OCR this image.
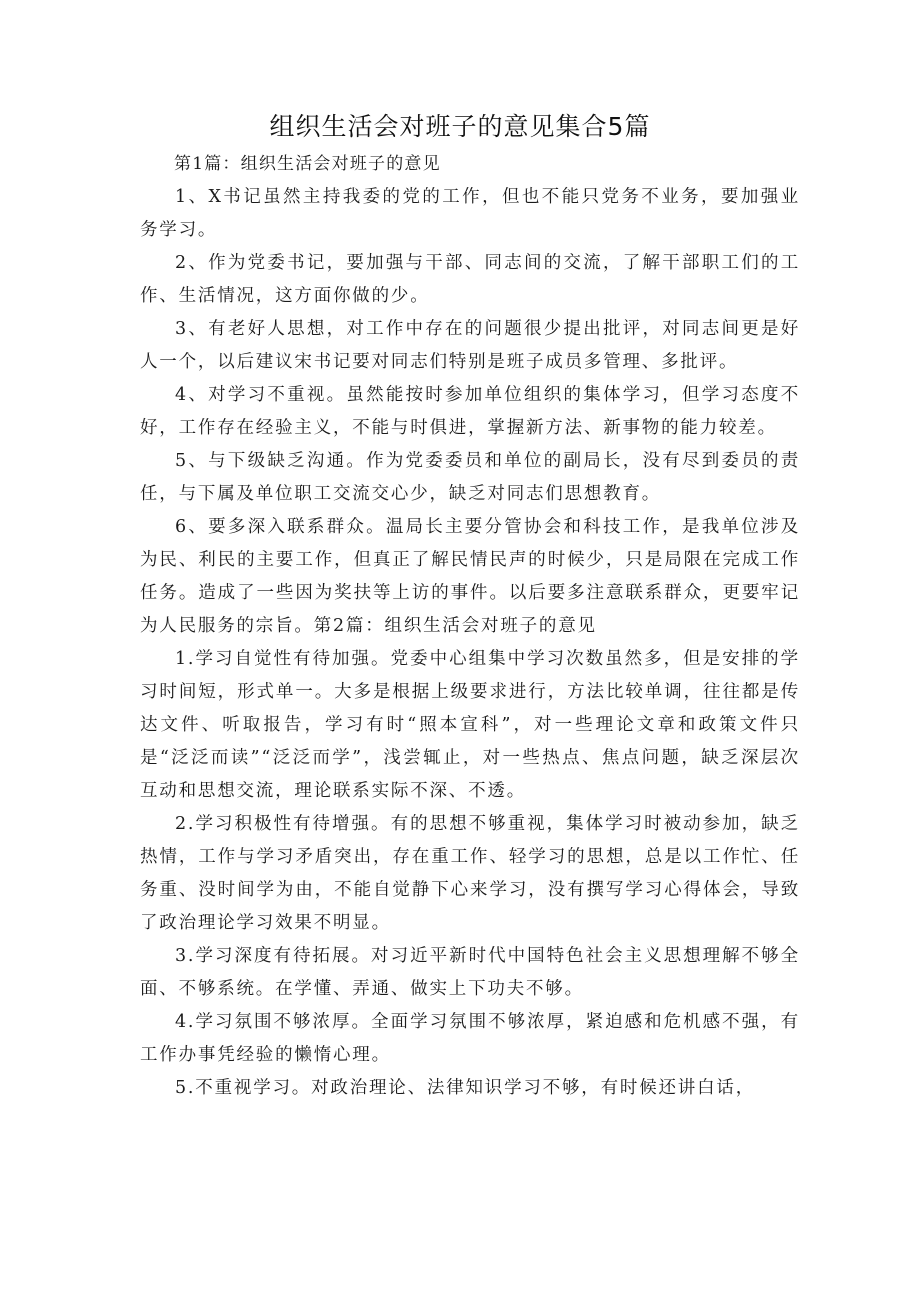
组织生活会对班子的意见集合5篇

第1篇：组织生活会对班子的意见

1、X书记虽然主持我委的党的工作，但也不能只党务不业务，要加强业务学习。

2、作为党委书记，要加强与干部、同志间的交流，了解干部职工们的工作、生活情况，这方面你做的少。

3、有老好人思想，对工作中存在的问题很少提出批评，对同志间更是好人一个，以后建议宋书记要对同志们特别是班子成员多管理、多批评。

4、对学习不重视。虽然能按时参加单位组织的集体学习，但学习态度不好，工作存在经验主义，不能与时俱进，掌握新方法、新事物的能力较差。

5、与下级缺乏沟通。作为党委委员和单位的副局长，没有尽到委员的责任，与下属及单位职工交流交心少，缺乏对同志们思想教育。

6、要多深入联系群众。温局长主要分管协会和科技工作，是我单位涉及为民、利民的主要工作，但真正了解民情民声的时候少，只是局限在完成工作任务。造成了一些因为奖扶等上访的事件。以后要多注意联系群众，更要牢记为人民服务的宗旨。第2篇：组织生活会对班子的意见

1.学习自觉性有待加强。党委中心组集中学习次数虽然多，但是安排的学习时间短，形式单一。大多是根据上级要求进行，方法比较单调，往往都是传达文件、听取报告，学习有时“照本宣科”，对一些理论文章和政策文件只是“泛泛而读”“泛泛而学”，浅尝辄止，对一些热点、焦点问题，缺乏深层次互动和思想交流，理论联系实际不深、不透。

2.学习积极性有待增强。有的思想不够重视，集体学习时被动参加，缺乏热情，工作与学习矛盾突出，存在重工作、轻学习的思想，总是以工作忙、任务重、没时间学为由，不能自觉静下心来学习，没有撰写学习心得体会，导致了政治理论学习效果不明显。

3.学习深度有待拓展。对习近平新时代中国特色社会主义思想理解不够全面、不够系统。在学懂、弄通、做实上下功夫不够。

4.学习氛围不够浓厚。全面学习氛围不够浓厚，紧迫感和危机感不强，有工作办事凭经验的懒惰心理。

5.不重视学习。对政治理论、法律知识学习不够，有时候还讲白话，
